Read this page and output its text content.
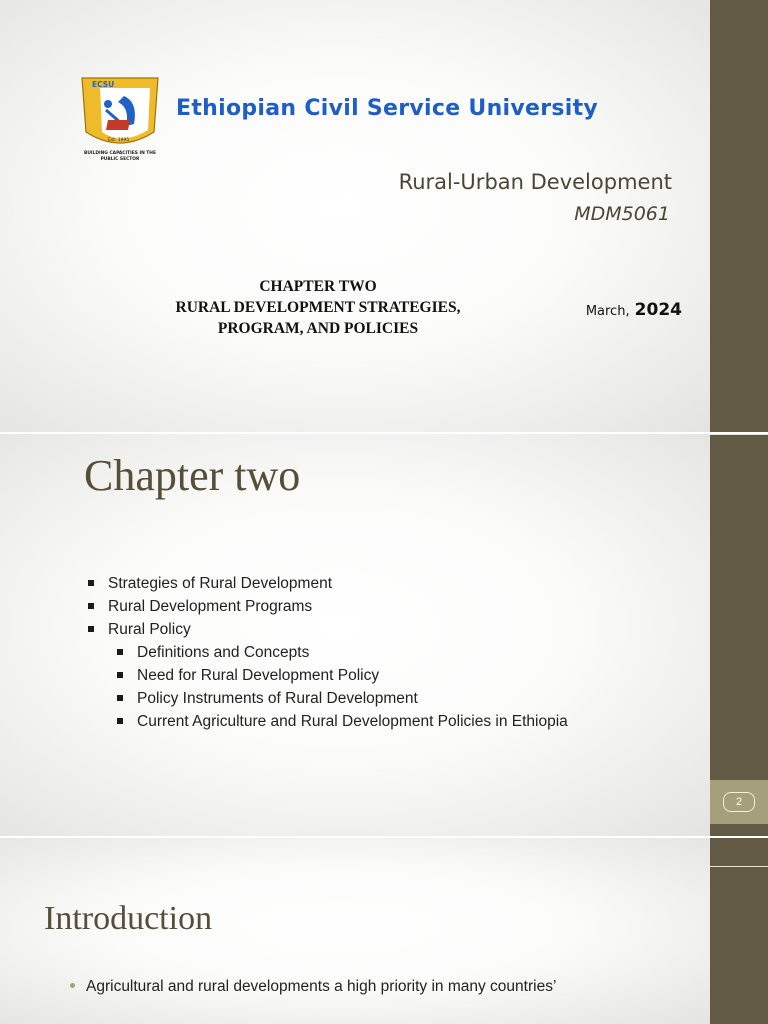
ECSU
Est. 1995
BUILDING CAPACITIES IN THE
PUBLIC SECTOR
Ethiopian Civil Service University
Rural-Urban Development
MDM5061
CHAPTER TWO
RURAL DEVELOPMENT STRATEGIES,
PROGRAM, AND POLICIES
March, 2024
Chapter two
Strategies of Rural Development
Rural Development Programs
Rural Policy
Definitions and Concepts
Need for Rural Development Policy
Policy Instruments of Rural Development
Current Agriculture and Rural Development Policies in Ethiopia
2
Introduction
Agricultural and rural developments a high priority in many countries’
